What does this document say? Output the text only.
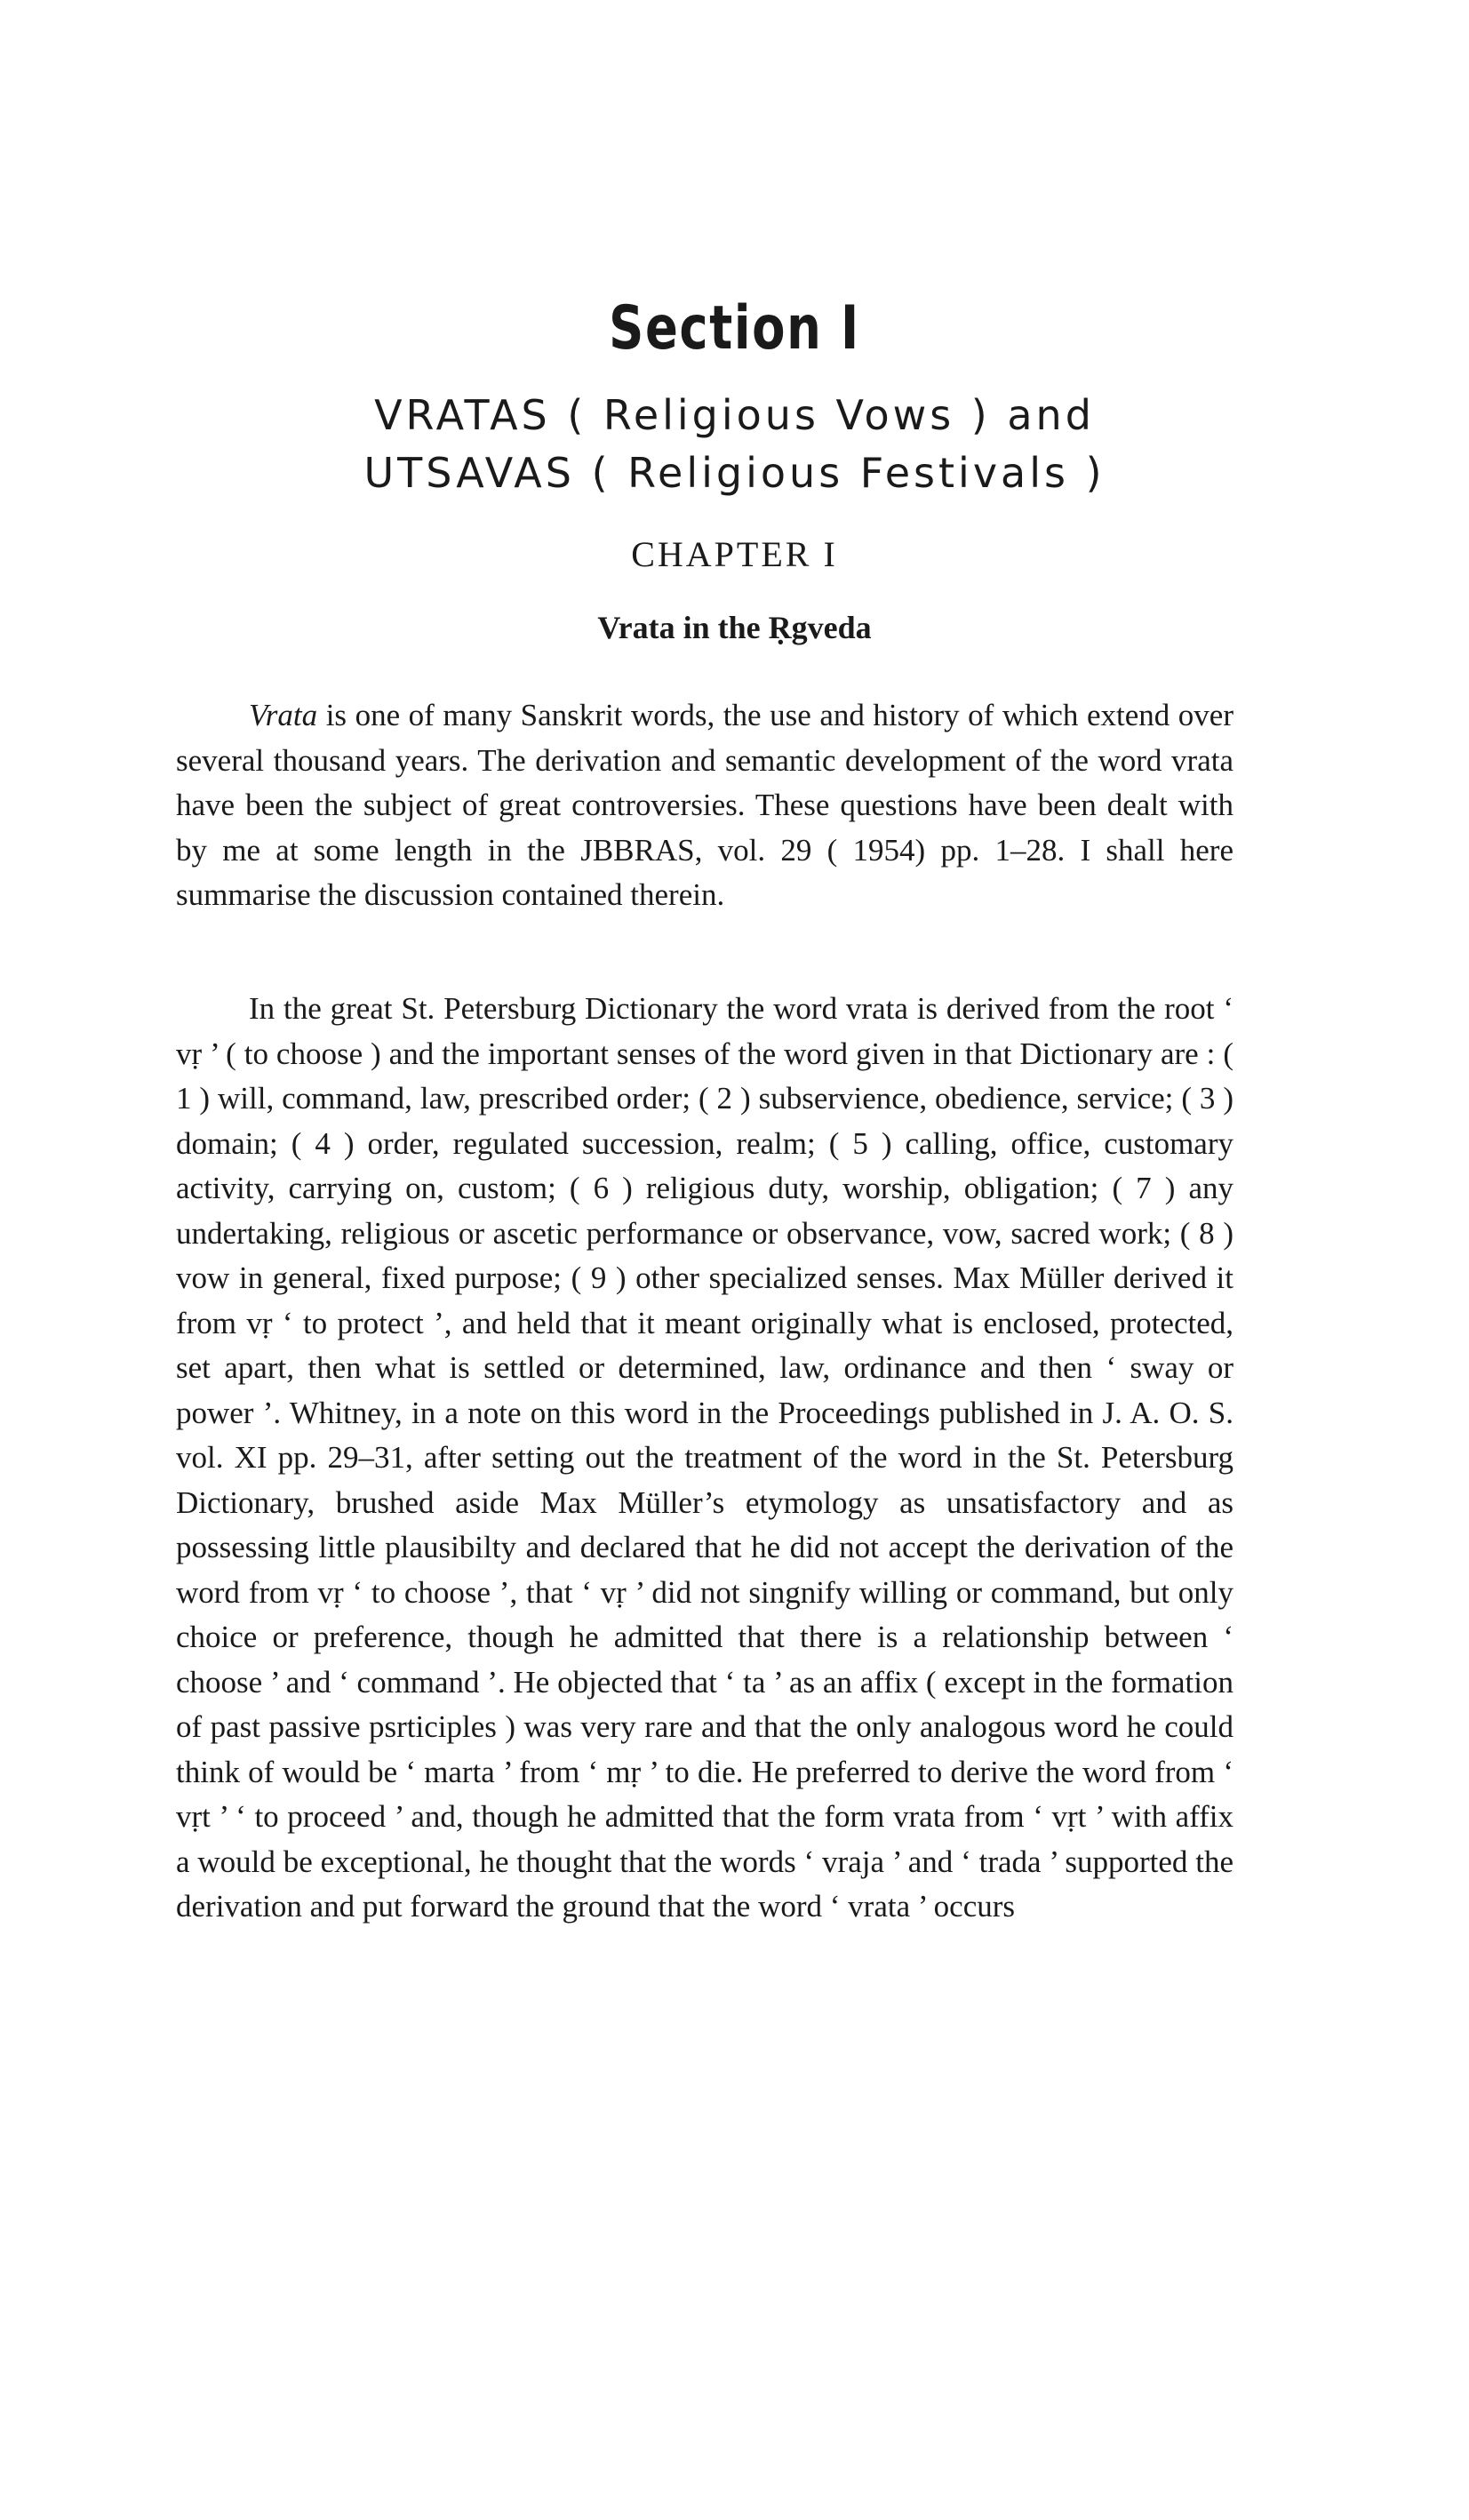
Section I
VRATAS ( Religious Vows ) and
UTSAVAS ( Religious Festivals )
CHAPTER I
Vrata in the Ṛgveda

Vrata is one of many Sanskrit words, the use and history of which extend over several thousand years. The derivation and semantic development of the word vrata have been the subject of great controversies. These questions have been dealt with by me at some length in the JBBRAS, vol. 29 ( 1954) pp. 1–28. I shall here summarise the discussion contained therein.

In the great St. Petersburg Dictionary the word vrata is derived from the root ‘ vṛ ’ ( to choose ) and the important senses of the word given in that Dictionary are : ( 1 ) will, command, law, prescribed order; ( 2 ) subservience, obedience, service; ( 3 ) domain; ( 4 ) order, regulated succession, realm; ( 5 ) calling, office, customary activity, carrying on, custom; ( 6 ) religious duty, worship, obligation; ( 7 ) any undertaking, religious or ascetic performance or observance, vow, sacred work; ( 8 ) vow in general, fixed purpose; ( 9 ) other specialized senses. Max Müller derived it from vṛ ‘ to protect ’, and held that it meant originally what is enclosed, protected, set apart, then what is settled or determined, law, ordinance and then ‘ sway or power ’. Whitney, in a note on this word in the Proceedings published in J. A. O. S. vol. XI pp. 29–31, after setting out the treatment of the word in the St. Petersburg Dictionary, brushed aside Max Müller’s etymology as unsatisfactory and as possessing little plausibilty and declared that he did not accept the derivation of the word from vṛ ‘ to choose ’, that ‘ vṛ ’ did not singnify willing or command, but only choice or preference, though he admitted that there is a relationship between ‘ choose ’ and ‘ command ’. He objected that ‘ ta ’ as an affix ( except in the formation of past passive psrticiples ) was very rare and that the only analogous word he could think of would be ‘ marta ’ from ‘ mṛ ’ to die. He preferred to derive the word from ‘ vṛt ’ ‘ to proceed ’ and, though he admitted that the form vrata from ‘ vṛt ’ with affix a would be exceptional, he thought that the words ‘ vraja ’ and ‘ trada ’ supported the derivation and put forward the ground that the word ‘ vrata ’ occurs
